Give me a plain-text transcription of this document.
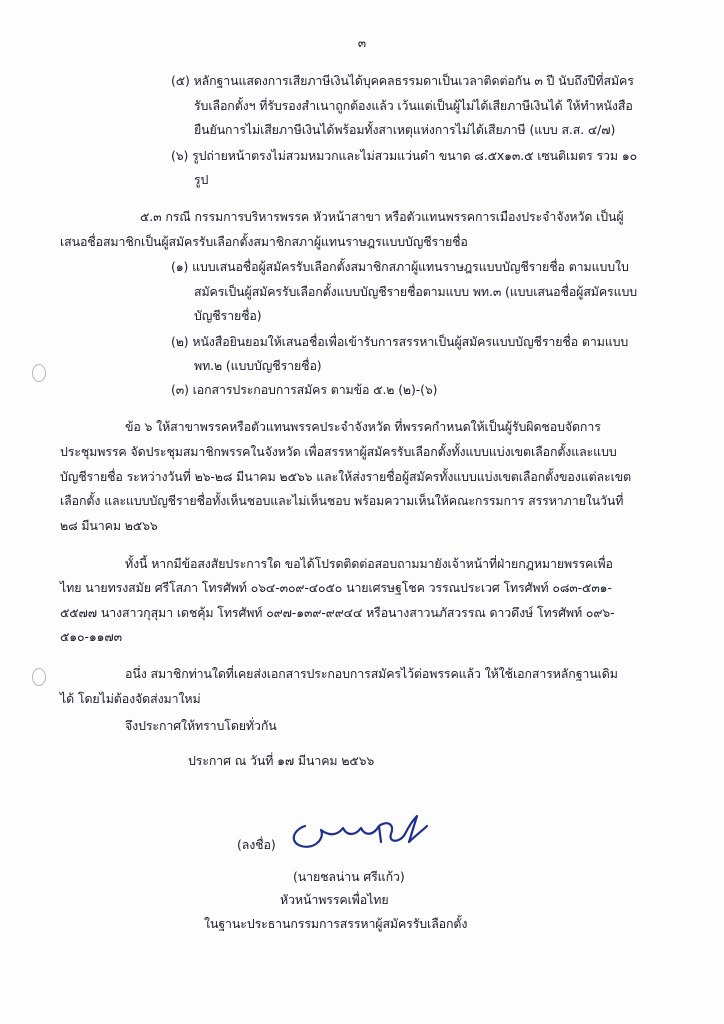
๓
(๕) หลักฐานแสดงการเสียภาษีเงินได้บุคคลธรรมดาเป็นเวลาติดต่อกัน ๓ ปี นับถึงปีที่สมัคร
รับเลือกตั้งฯ ที่รับรองสำเนาถูกต้องแล้ว เว้นแต่เป็นผู้ไม่ได้เสียภาษีเงินได้ ให้ทำหนังสือ
ยืนยันการไม่เสียภาษีเงินได้พร้อมทั้งสาเหตุแห่งการไม่ได้เสียภาษี (แบบ ส.ส. ๔/๗)
(๖) รูปถ่ายหน้าตรงไม่สวมหมวกและไม่สวมแว่นดำ ขนาด ๘.๕x๑๓.๕ เซนติเมตร รวม ๑๐
รูป
๕.๓ กรณี กรรมการบริหารพรรค หัวหน้าสาขา หรือตัวแทนพรรคการเมืองประจำจังหวัด เป็นผู้
เสนอชื่อสมาชิกเป็นผู้สมัครรับเลือกตั้งสมาชิกสภาผู้แทนราษฎรแบบบัญชีรายชื่อ
(๑) แบบเสนอชื่อผู้สมัครรับเลือกตั้งสมาชิกสภาผู้แทนราษฎรแบบบัญชีรายชื่อ ตามแบบใบ
สมัครเป็นผู้สมัครรับเลือกตั้งแบบบัญชีรายชื่อตามแบบ พท.๓ (แบบเสนอชื่อผู้สมัครแบบ
บัญชีรายชื่อ)
(๒) หนังสือยินยอมให้เสนอชื่อเพื่อเข้ารับการสรรหาเป็นผู้สมัครแบบบัญชีรายชื่อ ตามแบบ
พท.๒ (แบบบัญชีรายชื่อ)
(๓) เอกสารประกอบการสมัคร ตามข้อ ๕.๒ (๒)-(๖)
ข้อ ๖ ให้สาขาพรรคหรือตัวแทนพรรคประจำจังหวัด ที่พรรคกำหนดให้เป็นผู้รับผิดชอบจัดการ
ประชุมพรรค จัดประชุมสมาชิกพรรคในจังหวัด เพื่อสรรหาผู้สมัครรับเลือกตั้งทั้งแบบแบ่งเขตเลือกตั้งและแบบ
บัญชีรายชื่อ ระหว่างวันที่ ๒๖-๒๘ มีนาคม ๒๕๖๖ และให้ส่งรายชื่อผู้สมัครทั้งแบบแบ่งเขตเลือกตั้งของแต่ละเขต
เลือกตั้ง และแบบบัญชีรายชื่อทั้งเห็นชอบและไม่เห็นชอบ พร้อมความเห็นให้คณะกรรมการ สรรหาภายในวันที่
๒๘ มีนาคม ๒๕๖๖
ทั้งนี้ หากมีข้อสงสัยประการใด ขอได้โปรดติดต่อสอบถามมายังเจ้าหน้าที่ฝ่ายกฎหมายพรรคเพื่อ
ไทย นายทรงสมัย ศรีโสภา โทรศัพท์ ๐๖๔-๓๐๙-๔๐๕๐ นายเศรษฐโชค วรรณประเวศ โทรศัพท์ ๐๘๓-๕๓๑-
๕๕๗๗ นางสาวกุสุมา เดชคุ้ม โทรศัพท์ ๐๙๗-๑๓๙-๙๙๔๔ หรือนางสาวนภัสวรรณ ดาวดึงษ์ โทรศัพท์ ๐๙๖-
๕๑๐-๑๑๗๓
อนึ่ง สมาชิกท่านใดที่เคยส่งเอกสารประกอบการสมัครไว้ต่อพรรคแล้ว ให้ใช้เอกสารหลักฐานเดิม
ได้ โดยไม่ต้องจัดส่งมาใหม่
จึงประกาศให้ทราบโดยทั่วกัน
ประกาศ ณ วันที่ ๑๗ มีนาคม ๒๕๖๖
(ลงชื่อ)
(นายชลน่าน ศรีแก้ว)
หัวหน้าพรรคเพื่อไทย
ในฐานะประธานกรรมการสรรหาผู้สมัครรับเลือกตั้ง
